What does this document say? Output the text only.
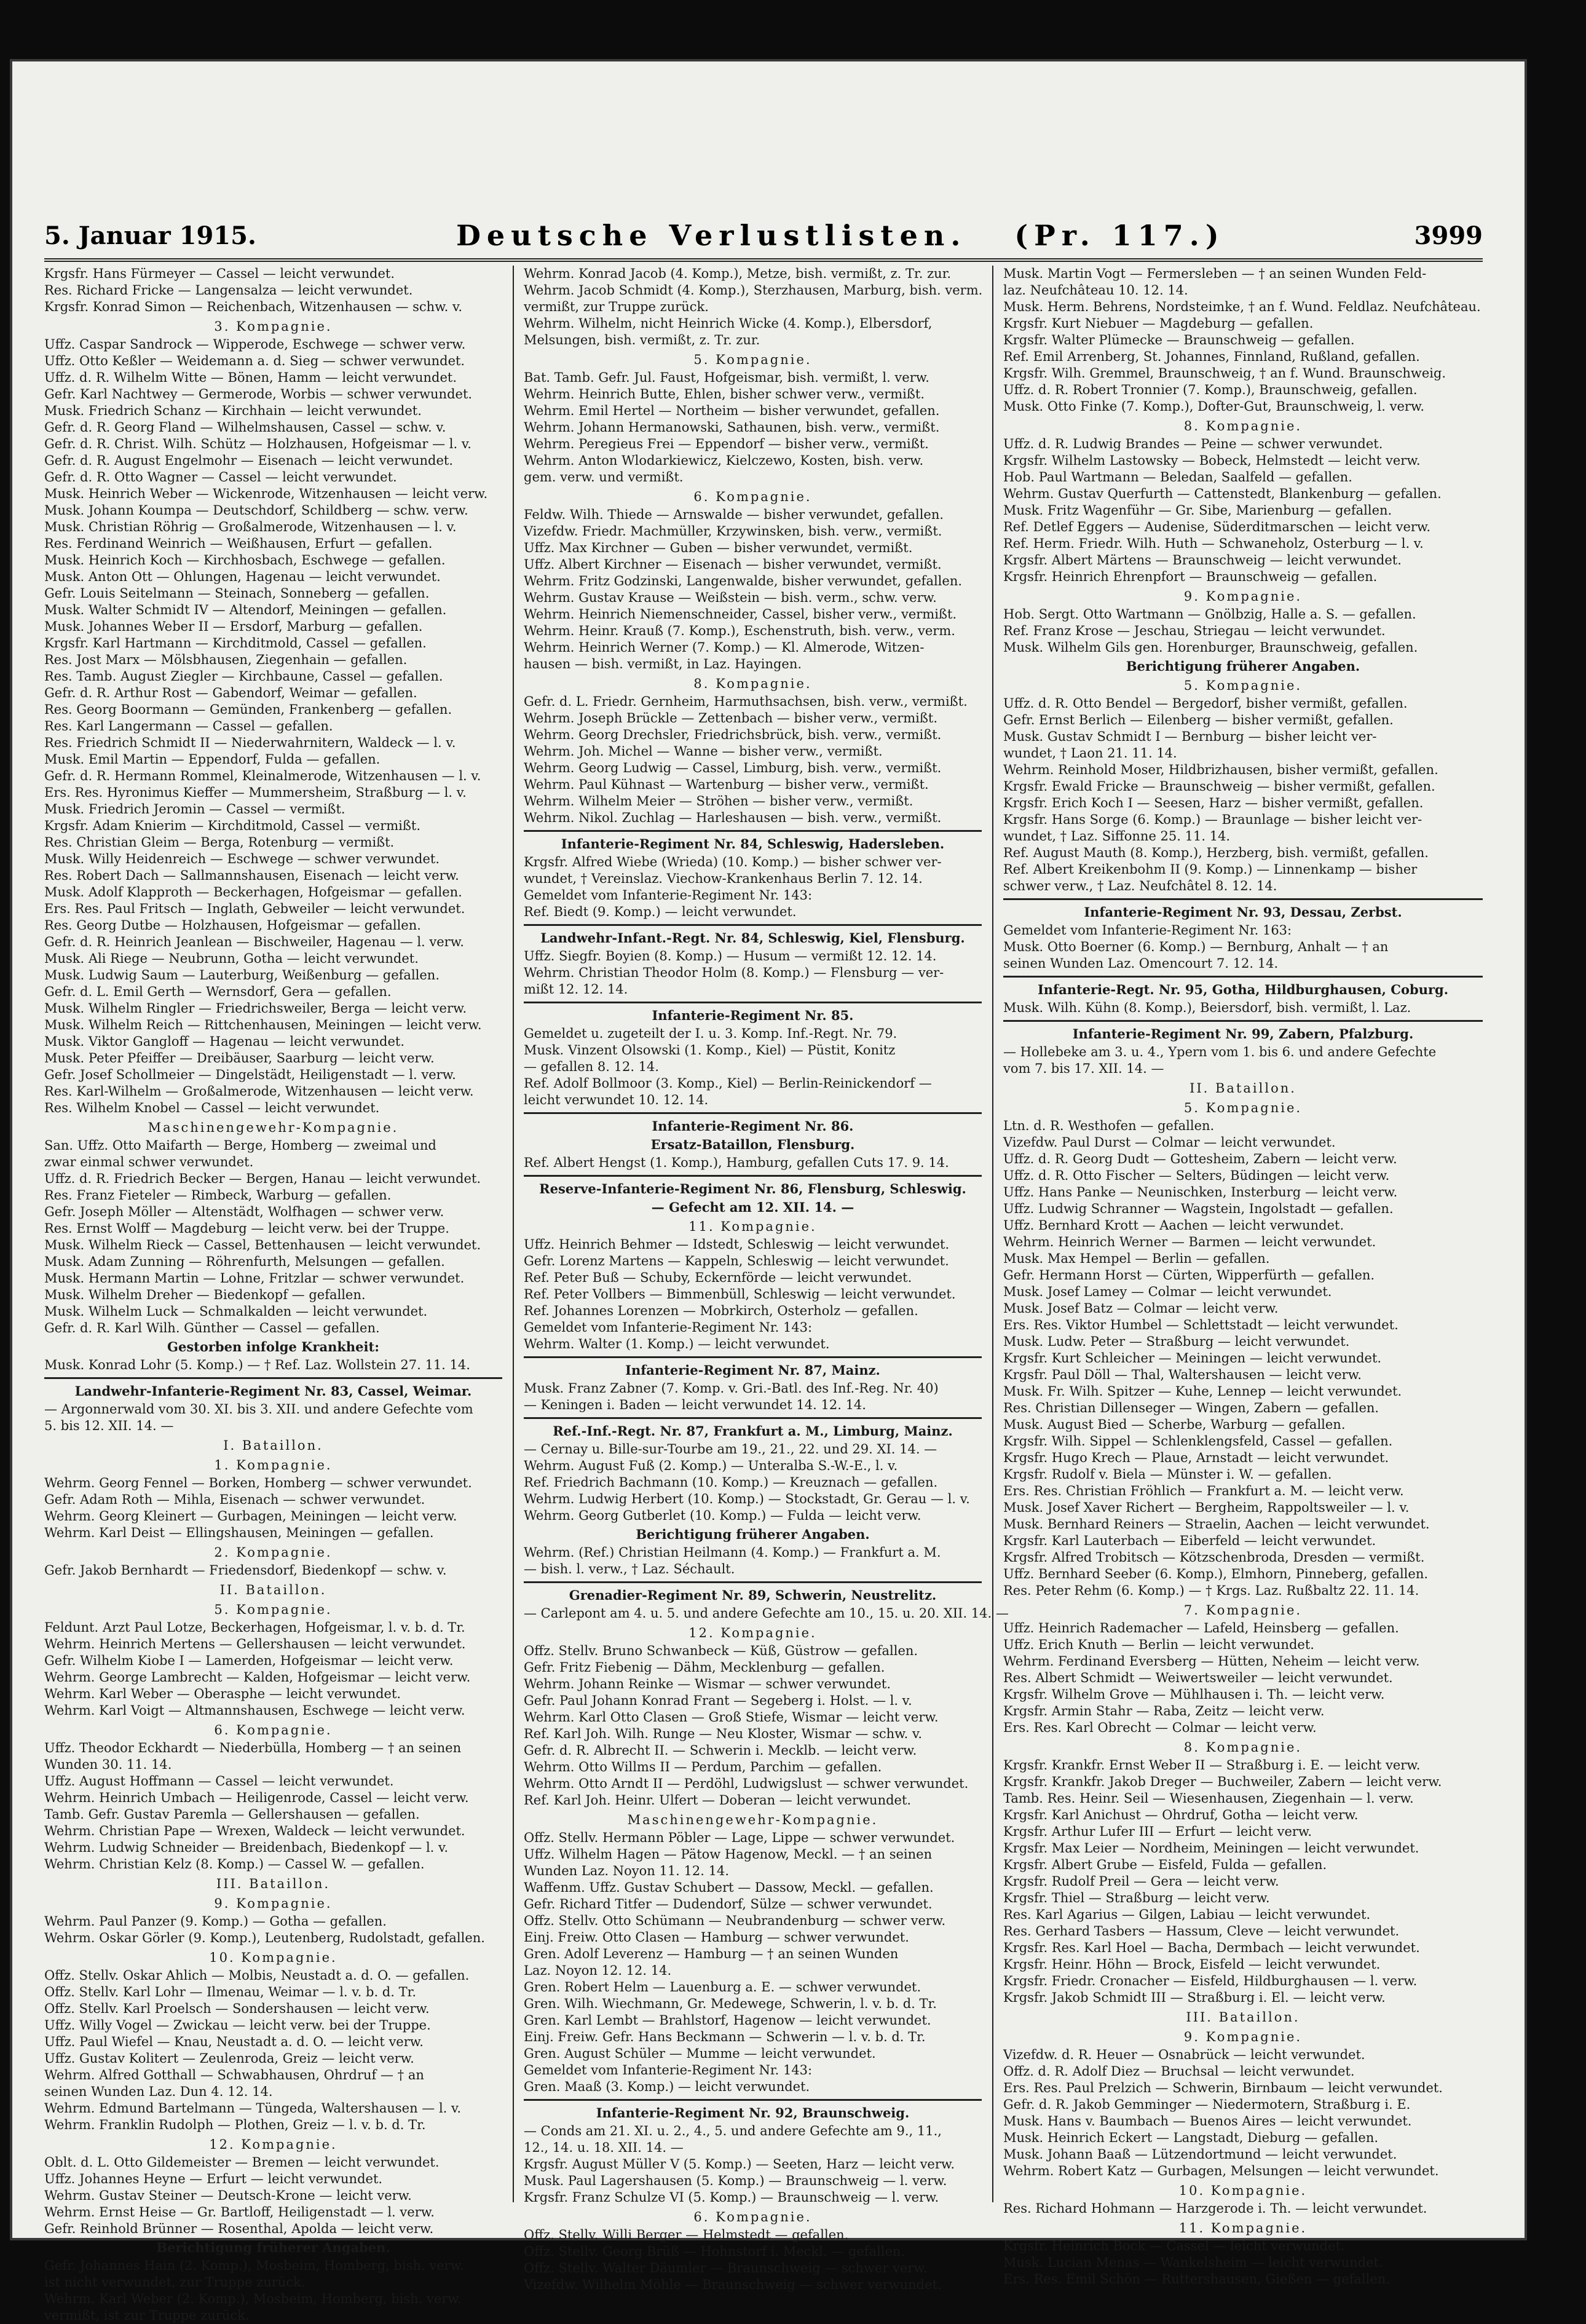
5. Januar 1915.	Deutsche Verlustlisten. (Pr. 117.)	3999
Krgsfr. Hans Fürmeyer — Cassel — leicht verwundet.
Res. Richard Fricke — Langensalza — leicht verwundet.
Krgsfr. Konrad Simon — Reichenbach, Witzenhausen — schw. v.
3. Kompagnie.
Uffz. Caspar Sandrock — Wipperode, Eschwege — schwer verw.
Uffz. Otto Keßler — Weidemann a. d. Sieg — schwer verwundet.
Uffz. d. R. Wilhelm Witte — Bönen, Hamm — leicht verwundet.
Gefr. Karl Nachtwey — Germerode, Worbis — schwer verwundet.
Musk. Friedrich Schanz — Kirchhain — leicht verwundet.
Gefr. d. R. Georg Fland — Wilhelmshausen, Cassel — schw. v.
Gefr. d. R. Christ. Wilh. Schütz — Holzhausen, Hofgeismar — l. v.
Gefr. d. R. August Engelmohr — Eisenach — leicht verwundet.
Gefr. d. R. Otto Wagner — Cassel — leicht verwundet.
Musk. Heinrich Weber — Wickenrode, Witzenhausen — leicht verw.
Musk. Johann Koumpa — Deutschdorf, Schildberg — schw. verw.
Musk. Christian Röhrig — Großalmerode, Witzenhausen — l. v.
Res. Ferdinand Weinrich — Weißhausen, Erfurt — gefallen.
Musk. Heinrich Koch — Kirchhosbach, Eschwege — gefallen.
Musk. Anton Ott — Ohlungen, Hagenau — leicht verwundet.
Gefr. Louis Seitelmann — Steinach, Sonneberg — gefallen.
Musk. Walter Schmidt IV — Altendorf, Meiningen — gefallen.
Musk. Johannes Weber II — Ersdorf, Marburg — gefallen.
Krgsfr. Karl Hartmann — Kirchditmold, Cassel — gefallen.
Res. Jost Marx — Mölsbhausen, Ziegenhain — gefallen.
Res. Tamb. August Ziegler — Kirchbaune, Cassel — gefallen.
Gefr. d. R. Arthur Rost — Gabendorf, Weimar — gefallen.
Res. Georg Boormann — Gemünden, Frankenberg — gefallen.
Res. Karl Langermann — Cassel — gefallen.
Res. Friedrich Schmidt II — Niederwahrnitern, Waldeck — l. v.
Musk. Emil Martin — Eppendorf, Fulda — gefallen.
Gefr. d. R. Hermann Rommel, Kleinalmerode, Witzenhausen — l. v.
Ers. Res. Hyronimus Kieffer — Mummersheim, Straßburg — l. v.
Musk. Friedrich Jeromin — Cassel — vermißt.
Krgsfr. Adam Knierim — Kirchditmold, Cassel — vermißt.
Res. Christian Gleim — Berga, Rotenburg — vermißt.
Musk. Willy Heidenreich — Eschwege — schwer verwundet.
Res. Robert Dach — Sallmannshausen, Eisenach — leicht verw.
Musk. Adolf Klapproth — Beckerhagen, Hofgeismar — gefallen.
Ers. Res. Paul Fritsch — Inglath, Gebweiler — leicht verwundet.
Res. Georg Dutbe — Holzhausen, Hofgeismar — gefallen.
Gefr. d. R. Heinrich Jeanlean — Bischweiler, Hagenau — l. verw.
Musk. Ali Riege — Neubrunn, Gotha — leicht verwundet.
Musk. Ludwig Saum — Lauterburg, Weißenburg — gefallen.
Gefr. d. L. Emil Gerth — Wernsdorf, Gera — gefallen.
Musk. Wilhelm Ringler — Friedrichsweiler, Berga — leicht verw.
Musk. Wilhelm Reich — Rittchenhausen, Meiningen — leicht verw.
Musk. Viktor Gangloff — Hagenau — leicht verwundet.
Musk. Peter Pfeiffer — Dreibäuser, Saarburg — leicht verw.
Gefr. Josef Schollmeier — Dingelstädt, Heiligenstadt — l. verw.
Res. Karl-Wilhelm — Großalmerode, Witzenhausen — leicht verw.
Res. Wilhelm Knobel — Cassel — leicht verwundet.
Maschinengewehr-Kompagnie.
San. Uffz. Otto Maifarth — Berge, Homberg — zweimal und
zwar einmal schwer verwundet.
Uffz. d. R. Friedrich Becker — Bergen, Hanau — leicht verwundet.
Res. Franz Fieteler — Rimbeck, Warburg — gefallen.
Gefr. Joseph Möller — Altenstädt, Wolfhagen — schwer verw.
Res. Ernst Wolff — Magdeburg — leicht verw. bei der Truppe.
Musk. Wilhelm Rieck — Cassel, Bettenhausen — leicht verwundet.
Musk. Adam Zunning — Röhrenfurth, Melsungen — gefallen.
Musk. Hermann Martin — Lohne, Fritzlar — schwer verwundet.
Musk. Wilhelm Dreher — Biedenkopf — gefallen.
Musk. Wilhelm Luck — Schmalkalden — leicht verwundet.
Gefr. d. R. Karl Wilh. Günther — Cassel — gefallen.
Gestorben infolge Krankheit:
Musk. Konrad Lohr (5. Komp.) — † Ref. Laz. Wollstein 27. 11. 14.
Landwehr-Infanterie-Regiment Nr. 83, Cassel, Weimar.
— Argonnerwald vom 30. XI. bis 3. XII. und andere Gefechte vom
5. bis 12. XII. 14. —
I. Bataillon.
1. Kompagnie.
Wehrm. Georg Fennel — Borken, Homberg — schwer verwundet.
Gefr. Adam Roth — Mihla, Eisenach — schwer verwundet.
Wehrm. Georg Kleinert — Gurbagen, Meiningen — leicht verw.
Wehrm. Karl Deist — Ellingshausen, Meiningen — gefallen.
2. Kompagnie.
Gefr. Jakob Bernhardt — Friedensdorf, Biedenkopf — schw. v.
II. Bataillon.
5. Kompagnie.
Feldunt. Arzt Paul Lotze, Beckerhagen, Hofgeismar, l. v. b. d. Tr.
Wehrm. Heinrich Mertens — Gellershausen — leicht verwundet.
Gefr. Wilhelm Kiobe I — Lamerden, Hofgeismar — leicht verw.
Wehrm. George Lambrecht — Kalden, Hofgeismar — leicht verw.
Wehrm. Karl Weber — Oberasphe — leicht verwundet.
Wehrm. Karl Voigt — Altmannshausen, Eschwege — leicht verw.
6. Kompagnie.
Uffz. Theodor Eckhardt — Niederbülla, Homberg — † an seinen
Wunden 30. 11. 14.
Uffz. August Hoffmann — Cassel — leicht verwundet.
Wehrm. Heinrich Umbach — Heiligenrode, Cassel — leicht verw.
Tamb. Gefr. Gustav Paremla — Gellershausen — gefallen.
Wehrm. Christian Pape — Wrexen, Waldeck — leicht verwundet.
Wehrm. Ludwig Schneider — Breidenbach, Biedenkopf — l. v.
Wehrm. Christian Kelz (8. Komp.) — Cassel W. — gefallen.
III. Bataillon.
9. Kompagnie.
Wehrm. Paul Panzer (9. Komp.) — Gotha — gefallen.
Wehrm. Oskar Görler (9. Komp.), Leutenberg, Rudolstadt, gefallen.
10. Kompagnie.
Offz. Stellv. Oskar Ahlich — Molbis, Neustadt a. d. O. — gefallen.
Offz. Stellv. Karl Lohr — Ilmenau, Weimar — l. v. b. d. Tr.
Offz. Stellv. Karl Proelsch — Sondershausen — leicht verw.
Uffz. Willy Vogel — Zwickau — leicht verw. bei der Truppe.
Uffz. Paul Wiefel — Knau, Neustadt a. d. O. — leicht verw.
Uffz. Gustav Kolitert — Zeulenroda, Greiz — leicht verw.
Wehrm. Alfred Gotthall — Schwabhausen, Ohrdruf — † an
seinen Wunden Laz. Dun 4. 12. 14.
Wehrm. Edmund Bartelmann — Tüngeda, Waltershausen — l. v.
Wehrm. Franklin Rudolph — Plothen, Greiz — l. v. b. d. Tr.
12. Kompagnie.
Oblt. d. L. Otto Gildemeister — Bremen — leicht verwundet.
Uffz. Johannes Heyne — Erfurt — leicht verwundet.
Wehrm. Gustav Steiner — Deutsch-Krone — leicht verw.
Wehrm. Ernst Heise — Gr. Bartloff, Heiligenstadt — l. verw.
Gefr. Reinhold Brünner — Rosenthal, Apolda — leicht verw.
Berichtigung früherer Angaben.
Gefr. Johannes Hain (2. Komp.), Mosbeim, Homberg, bish. verw.
ist nicht verwundet, zur Truppe zurück.
Wehrm. Karl Weber (2. Komp.), Mosbeim, Homberg, bish. verw.
vermißt, ist zur Truppe zurück.
Wehrm. Konrad Jacob (4. Komp.), Metze, bish. vermißt, z. Tr. zur.
Wehrm. Jacob Schmidt (4. Komp.), Sterzhausen, Marburg, bish. verm.
vermißt, zur Truppe zurück.
Wehrm. Wilhelm, nicht Heinrich Wicke (4. Komp.), Elbersdorf,
Melsungen, bish. vermißt, z. Tr. zur.
5. Kompagnie.
Bat. Tamb. Gefr. Jul. Faust, Hofgeismar, bish. vermißt, l. verw.
Wehrm. Heinrich Butte, Ehlen, bisher schwer verw., vermißt.
Wehrm. Emil Hertel — Northeim — bisher verwundet, gefallen.
Wehrm. Johann Hermanowski, Sathaunen, bish. verw., vermißt.
Wehrm. Peregieus Frei — Eppendorf — bisher verw., vermißt.
Wehrm. Anton Wlodarkiewicz, Kielczewo, Kosten, bish. verw.
gem. verw. und vermißt.
6. Kompagnie.
Feldw. Wilh. Thiede — Arnswalde — bisher verwundet, gefallen.
Vizefdw. Friedr. Machmüller, Krzywinsken, bish. verw., vermißt.
Uffz. Max Kirchner — Guben — bisher verwundet, vermißt.
Uffz. Albert Kirchner — Eisenach — bisher verwundet, vermißt.
Wehrm. Fritz Godzinski, Langenwalde, bisher verwundet, gefallen.
Wehrm. Gustav Krause — Weißstein — bish. verm., schw. verw.
Wehrm. Heinrich Niemenschneider, Cassel, bisher verw., vermißt.
Wehrm. Heinr. Krauß (7. Komp.), Eschenstruth, bish. verw., verm.
Wehrm. Heinrich Werner (7. Komp.) — Kl. Almerode, Witzen-
hausen — bish. vermißt, in Laz. Hayingen.
8. Kompagnie.
Gefr. d. L. Friedr. Gernheim, Harmuthsachsen, bish. verw., vermißt.
Wehrm. Joseph Brückle — Zettenbach — bisher verw., vermißt.
Wehrm. Georg Drechsler, Friedrichsbrück, bish. verw., vermißt.
Wehrm. Joh. Michel — Wanne — bisher verw., vermißt.
Wehrm. Georg Ludwig — Cassel, Limburg, bish. verw., vermißt.
Wehrm. Paul Kühnast — Wartenburg — bisher verw., vermißt.
Wehrm. Wilhelm Meier — Ströhen — bisher verw., vermißt.
Wehrm. Nikol. Zuchlag — Harleshausen — bish. verw., vermißt.
Infanterie-Regiment Nr. 84, Schleswig, Hadersleben.
Krgsfr. Alfred Wiebe (Wrieda) (10. Komp.) — bisher schwer ver-
wundet, † Vereinslaz. Viechow-Krankenhaus Berlin 7. 12. 14.
Gemeldet vom Infanterie-Regiment Nr. 143:
Ref. Biedt (9. Komp.) — leicht verwundet.
Landwehr-Infant.-Regt. Nr. 84, Schleswig, Kiel, Flensburg.
Uffz. Siegfr. Boyien (8. Komp.) — Husum — vermißt 12. 12. 14.
Wehrm. Christian Theodor Holm (8. Komp.) — Flensburg — ver-
mißt 12. 12. 14.
Infanterie-Regiment Nr. 85.
Gemeldet u. zugeteilt der I. u. 3. Komp. Inf.-Regt. Nr. 79.
Musk. Vinzent Olsowski (1. Komp., Kiel) — Püstit, Konitz
— gefallen 8. 12. 14.
Ref. Adolf Bollmoor (3. Komp., Kiel) — Berlin-Reinickendorf —
leicht verwundet 10. 12. 14.
Infanterie-Regiment Nr. 86.
Ersatz-Bataillon, Flensburg.
Ref. Albert Hengst (1. Komp.), Hamburg, gefallen Cuts 17. 9. 14.
Reserve-Infanterie-Regiment Nr. 86, Flensburg, Schleswig.
— Gefecht am 12. XII. 14. —
11. Kompagnie.
Uffz. Heinrich Behmer — Idstedt, Schleswig — leicht verwundet.
Gefr. Lorenz Martens — Kappeln, Schleswig — leicht verwundet.
Ref. Peter Buß — Schuby, Eckernförde — leicht verwundet.
Ref. Peter Vollbers — Bimmenbüll, Schleswig — leicht verwundet.
Ref. Johannes Lorenzen — Mobrkirch, Osterholz — gefallen.
Gemeldet vom Infanterie-Regiment Nr. 143:
Wehrm. Walter (1. Komp.) — leicht verwundet.
Infanterie-Regiment Nr. 87, Mainz.
Musk. Franz Zabner (7. Komp. v. Gri.-Batl. des Inf.-Reg. Nr. 40)
— Keningen i. Baden — leicht verwundet 14. 12. 14.
Ref.-Inf.-Regt. Nr. 87, Frankfurt a. M., Limburg, Mainz.
— Cernay u. Bille-sur-Tourbe am 19., 21., 22. und 29. XI. 14. —
Wehrm. August Fuß (2. Komp.) — Unteralba S.-W.-E., l. v.
Ref. Friedrich Bachmann (10. Komp.) — Kreuznach — gefallen.
Wehrm. Ludwig Herbert (10. Komp.) — Stockstadt, Gr. Gerau — l. v.
Wehrm. Georg Gutberlet (10. Komp.) — Fulda — leicht verw.
Berichtigung früherer Angaben.
Wehrm. (Ref.) Christian Heilmann (4. Komp.) — Frankfurt a. M.
— bish. l. verw., † Laz. Séchault.
Grenadier-Regiment Nr. 89, Schwerin, Neustrelitz.
— Carlepont am 4. u. 5. und andere Gefechte am 10., 15. u. 20. XII. 14. —
12. Kompagnie.
Offz. Stellv. Bruno Schwanbeck — Küß, Güstrow — gefallen.
Gefr. Fritz Fiebenig — Dähm, Mecklenburg — gefallen.
Wehrm. Johann Reinke — Wismar — schwer verwundet.
Gefr. Paul Johann Konrad Frant — Segeberg i. Holst. — l. v.
Wehrm. Karl Otto Clasen — Groß Stiefe, Wismar — leicht verw.
Ref. Karl Joh. Wilh. Runge — Neu Kloster, Wismar — schw. v.
Gefr. d. R. Albrecht II. — Schwerin i. Mecklb. — leicht verw.
Wehrm. Otto Willms II — Perdum, Parchim — gefallen.
Wehrm. Otto Arndt II — Perdöhl, Ludwigslust — schwer verwundet.
Ref. Karl Joh. Heinr. Ulfert — Doberan — leicht verwundet.
Maschinengewehr-Kompagnie.
Offz. Stellv. Hermann Pöbler — Lage, Lippe — schwer verwundet.
Uffz. Wilhelm Hagen — Pätow Hagenow, Meckl. — † an seinen
Wunden Laz. Noyon 11. 12. 14.
Waffenm. Uffz. Gustav Schubert — Dassow, Meckl. — gefallen.
Gefr. Richard Titfer — Dudendorf, Sülze — schwer verwundet.
Offz. Stellv. Otto Schümann — Neubrandenburg — schwer verw.
Einj. Freiw. Otto Clasen — Hamburg — schwer verwundet.
Gren. Adolf Leverenz — Hamburg — † an seinen Wunden
Laz. Noyon 12. 12. 14.
Gren. Robert Helm — Lauenburg a. E. — schwer verwundet.
Gren. Wilh. Wiechmann, Gr. Medewege, Schwerin, l. v. b. d. Tr.
Gren. Karl Lembt — Brahlstorf, Hagenow — leicht verwundet.
Einj. Freiw. Gefr. Hans Beckmann — Schwerin — l. v. b. d. Tr.
Gren. August Schüler — Mumme — leicht verwundet.
Gemeldet vom Infanterie-Regiment Nr. 143:
Gren. Maaß (3. Komp.) — leicht verwundet.
Infanterie-Regiment Nr. 92, Braunschweig.
— Conds am 21. XI. u. 2., 4., 5. und andere Gefechte am 9., 11.,
12., 14. u. 18. XII. 14. —
Krgsfr. August Müller V (5. Komp.) — Seeten, Harz — leicht verw.
Musk. Paul Lagershausen (5. Komp.) — Braunschweig — l. verw.
Krgsfr. Franz Schulze VI (5. Komp.) — Braunschweig — l. verw.
6. Kompagnie.
Offz. Stellv. Willi Berger — Helmstedt — gefallen.
Offz. Stellv. Georg Brüß — Hohnstorf i. Meckl. — gefallen.
Offz. Stellv. Walter Däumler — Braunschweig — schwer verw.
Vizefdw. Wilhelm Möhle — Braunschweig — schwer verwundet.
Musk. Martin Vogt — Fermersleben — † an seinen Wunden Feld-
laz. Neufchâteau 10. 12. 14.
Musk. Herm. Behrens, Nordsteimke, † an f. Wund. Feldlaz. Neufchâteau.
Krgsfr. Kurt Niebuer — Magdeburg — gefallen.
Krgsfr. Walter Plümecke — Braunschweig — gefallen.
Ref. Emil Arrenberg, St. Johannes, Finnland, Rußland, gefallen.
Krgsfr. Wilh. Gremmel, Braunschweig, † an f. Wund. Braunschweig.
Uffz. d. R. Robert Tronnier (7. Komp.), Braunschweig, gefallen.
Musk. Otto Finke (7. Komp.), Dofter-Gut, Braunschweig, l. verw.
8. Kompagnie.
Uffz. d. R. Ludwig Brandes — Peine — schwer verwundet.
Krgsfr. Wilhelm Lastowsky — Bobeck, Helmstedt — leicht verw.
Hob. Paul Wartmann — Beledan, Saalfeld — gefallen.
Wehrm. Gustav Querfurth — Cattenstedt, Blankenburg — gefallen.
Musk. Fritz Wagenführ — Gr. Sibe, Marienburg — gefallen.
Ref. Detlef Eggers — Audenise, Süderditmarschen — leicht verw.
Ref. Herm. Friedr. Wilh. Huth — Schwaneholz, Osterburg — l. v.
Krgsfr. Albert Märtens — Braunschweig — leicht verwundet.
Krgsfr. Heinrich Ehrenpfort — Braunschweig — gefallen.
9. Kompagnie.
Hob. Sergt. Otto Wartmann — Gnölbzig, Halle a. S. — gefallen.
Ref. Franz Krose — Jeschau, Striegau — leicht verwundet.
Musk. Wilhelm Gils gen. Horenburger, Braunschweig, gefallen.
Berichtigung früherer Angaben.
5. Kompagnie.
Uffz. d. R. Otto Bendel — Bergedorf, bisher vermißt, gefallen.
Gefr. Ernst Berlich — Eilenberg — bisher vermißt, gefallen.
Musk. Gustav Schmidt I — Bernburg — bisher leicht ver-
wundet, † Laon 21. 11. 14.
Wehrm. Reinhold Moser, Hildbrizhausen, bisher vermißt, gefallen.
Krgsfr. Ewald Fricke — Braunschweig — bisher vermißt, gefallen.
Krgsfr. Erich Koch I — Seesen, Harz — bisher vermißt, gefallen.
Krgsfr. Hans Sorge (6. Komp.) — Braunlage — bisher leicht ver-
wundet, † Laz. Siffonne 25. 11. 14.
Ref. August Mauth (8. Komp.), Herzberg, bish. vermißt, gefallen.
Ref. Albert Kreikenbohm II (9. Komp.) — Linnenkamp — bisher
schwer verw., † Laz. Neufchâtel 8. 12. 14.
Infanterie-Regiment Nr. 93, Dessau, Zerbst.
Gemeldet vom Infanterie-Regiment Nr. 163:
Musk. Otto Boerner (6. Komp.) — Bernburg, Anhalt — † an
seinen Wunden Laz. Omencourt 7. 12. 14.
Infanterie-Regt. Nr. 95, Gotha, Hildburghausen, Coburg.
Musk. Wilh. Kühn (8. Komp.), Beiersdorf, bish. vermißt, l. Laz.
Infanterie-Regiment Nr. 99, Zabern, Pfalzburg.
— Hollebeke am 3. u. 4., Ypern vom 1. bis 6. und andere Gefechte
vom 7. bis 17. XII. 14. —
II. Bataillon.
5. Kompagnie.
Ltn. d. R. Westhofen — gefallen.
Vizefdw. Paul Durst — Colmar — leicht verwundet.
Uffz. d. R. Georg Dudt — Gottesheim, Zabern — leicht verw.
Uffz. d. R. Otto Fischer — Selters, Büdingen — leicht verw.
Uffz. Hans Panke — Neunischken, Insterburg — leicht verw.
Uffz. Ludwig Schranner — Wagstein, Ingolstadt — gefallen.
Uffz. Bernhard Krott — Aachen — leicht verwundet.
Wehrm. Heinrich Werner — Barmen — leicht verwundet.
Musk. Max Hempel — Berlin — gefallen.
Gefr. Hermann Horst — Cürten, Wipperfürth — gefallen.
Musk. Josef Lamey — Colmar — leicht verwundet.
Musk. Josef Batz — Colmar — leicht verw.
Ers. Res. Viktor Humbel — Schlettstadt — leicht verwundet.
Musk. Ludw. Peter — Straßburg — leicht verwundet.
Krgsfr. Kurt Schleicher — Meiningen — leicht verwundet.
Krgsfr. Paul Döll — Thal, Waltershausen — leicht verw.
Musk. Fr. Wilh. Spitzer — Kuhe, Lennep — leicht verwundet.
Res. Christian Dillenseger — Wingen, Zabern — gefallen.
Musk. August Bied — Scherbe, Warburg — gefallen.
Krgsfr. Wilh. Sippel — Schlenklengsfeld, Cassel — gefallen.
Krgsfr. Hugo Krech — Plaue, Arnstadt — leicht verwundet.
Krgsfr. Rudolf v. Biela — Münster i. W. — gefallen.
Ers. Res. Christian Fröhlich — Frankfurt a. M. — leicht verw.
Musk. Josef Xaver Richert — Bergheim, Rappoltsweiler — l. v.
Musk. Bernhard Reiners — Straelin, Aachen — leicht verwundet.
Krgsfr. Karl Lauterbach — Eiberfeld — leicht verwundet.
Krgsfr. Alfred Trobitsch — Kötzschenbroda, Dresden — vermißt.
Uffz. Bernhard Seeber (6. Komp.), Elmhorn, Pinneberg, gefallen.
Res. Peter Rehm (6. Komp.) — † Krgs. Laz. Rußbaltz 22. 11. 14.
7. Kompagnie.
Uffz. Heinrich Rademacher — Lafeld, Heinsberg — gefallen.
Uffz. Erich Knuth — Berlin — leicht verwundet.
Wehrm. Ferdinand Eversberg — Hütten, Neheim — leicht verw.
Res. Albert Schmidt — Weiwertsweiler — leicht verwundet.
Krgsfr. Wilhelm Grove — Mühlhausen i. Th. — leicht verw.
Krgsfr. Armin Stahr — Raba, Zeitz — leicht verw.
Ers. Res. Karl Obrecht — Colmar — leicht verw.
8. Kompagnie.
Krgsfr. Krankfr. Ernst Weber II — Straßburg i. E. — leicht verw.
Krgsfr. Krankfr. Jakob Dreger — Buchweiler, Zabern — leicht verw.
Tamb. Res. Heinr. Seil — Wiesenhausen, Ziegenhain — l. verw.
Krgsfr. Karl Anichust — Ohrdruf, Gotha — leicht verw.
Krgsfr. Arthur Lufer III — Erfurt — leicht verw.
Krgsfr. Max Leier — Nordheim, Meiningen — leicht verwundet.
Krgsfr. Albert Grube — Eisfeld, Fulda — gefallen.
Krgsfr. Rudolf Preil — Gera — leicht verw.
Krgsfr. Thiel — Straßburg — leicht verw.
Res. Karl Agarius — Gilgen, Labiau — leicht verwundet.
Res. Gerhard Tasbers — Hassum, Cleve — leicht verwundet.
Krgsfr. Res. Karl Hoel — Bacha, Dermbach — leicht verwundet.
Krgsfr. Heinr. Höhn — Brock, Eisfeld — leicht verwundet.
Krgsfr. Friedr. Cronacher — Eisfeld, Hildburghausen — l. verw.
Krgsfr. Jakob Schmidt III — Straßburg i. El. — leicht verw.
III. Bataillon.
9. Kompagnie.
Vizefdw. d. R. Heuer — Osnabrück — leicht verwundet.
Offz. d. R. Adolf Diez — Bruchsal — leicht verwundet.
Ers. Res. Paul Prelzich — Schwerin, Birnbaum — leicht verwundet.
Gefr. d. R. Jakob Gemminger — Niedermotern, Straßburg i. E.
Musk. Hans v. Baumbach — Buenos Aires — leicht verwundet.
Musk. Heinrich Eckert — Langstadt, Dieburg — gefallen.
Musk. Johann Baaß — Lützendortmund — leicht verwundet.
Wehrm. Robert Katz — Gurbagen, Melsungen — leicht verwundet.
10. Kompagnie.
Res. Richard Hohmann — Harzgerode i. Th. — leicht verwundet.
11. Kompagnie.
Krgsfr. Heinrich Bock — Cassel — leicht verwundet.
Musk. Lucian Menas — Wankelsheim — leicht verwundet.
Ers. Res. Emil Schön — Ruttershausen, Gießen — gefallen.
